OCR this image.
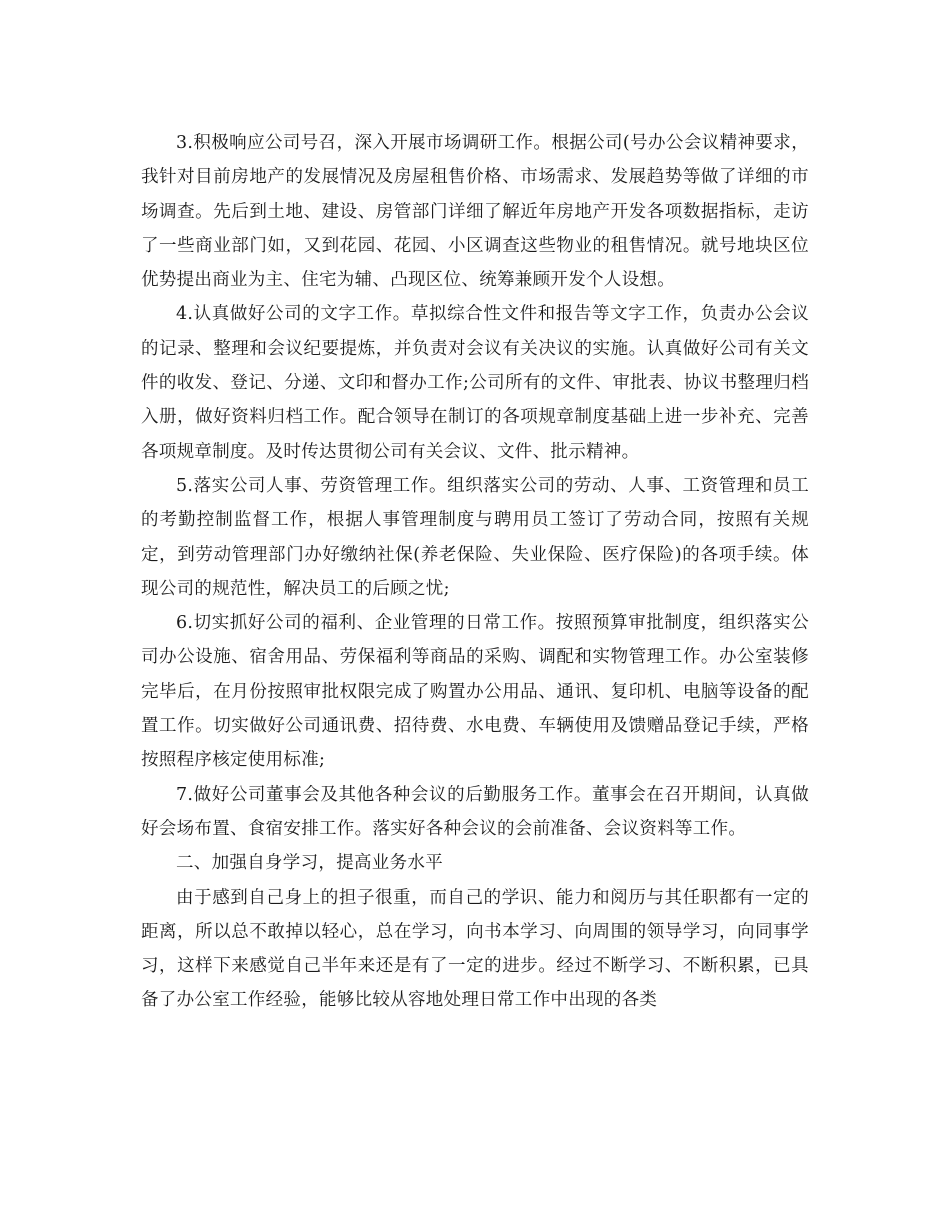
3.积极响应公司号召，深入开展市场调研工作。根据公司(号办公会议精神要求，我针对目前房地产的发展情况及房屋租售价格、市场需求、发展趋势等做了详细的市场调查。先后到土地、建设、房管部门详细了解近年房地产开发各项数据指标，走访了一些商业部门如，又到花园、花园、小区调查这些物业的租售情况。就号地块区位优势提出商业为主、住宅为辅、凸现区位、统筹兼顾开发个人设想。

4.认真做好公司的文字工作。草拟综合性文件和报告等文字工作，负责办公会议的记录、整理和会议纪要提炼，并负责对会议有关决议的实施。认真做好公司有关文件的收发、登记、分递、文印和督办工作;公司所有的文件、审批表、协议书整理归档入册，做好资料归档工作。配合领导在制订的各项规章制度基础上进一步补充、完善各项规章制度。及时传达贯彻公司有关会议、文件、批示精神。

5.落实公司人事、劳资管理工作。组织落实公司的劳动、人事、工资管理和员工的考勤控制监督工作，根据人事管理制度与聘用员工签订了劳动合同，按照有关规定，到劳动管理部门办好缴纳社保(养老保险、失业保险、医疗保险)的各项手续。体现公司的规范性，解决员工的后顾之忧;

6.切实抓好公司的福利、企业管理的日常工作。按照预算审批制度，组织落实公司办公设施、宿舍用品、劳保福利等商品的采购、调配和实物管理工作。办公室装修完毕后，在月份按照审批权限完成了购置办公用品、通讯、复印机、电脑等设备的配置工作。切实做好公司通讯费、招待费、水电费、车辆使用及馈赠品登记手续，严格按照程序核定使用标准;

7.做好公司董事会及其他各种会议的后勤服务工作。董事会在召开期间，认真做好会场布置、食宿安排工作。落实好各种会议的会前准备、会议资料等工作。

二、加强自身学习，提高业务水平

由于感到自己身上的担子很重，而自己的学识、能力和阅历与其任职都有一定的距离，所以总不敢掉以轻心，总在学习，向书本学习、向周围的领导学习，向同事学习，这样下来感觉自己半年来还是有了一定的进步。经过不断学习、不断积累，已具备了办公室工作经验，能够比较从容地处理日常工作中出现的各类
